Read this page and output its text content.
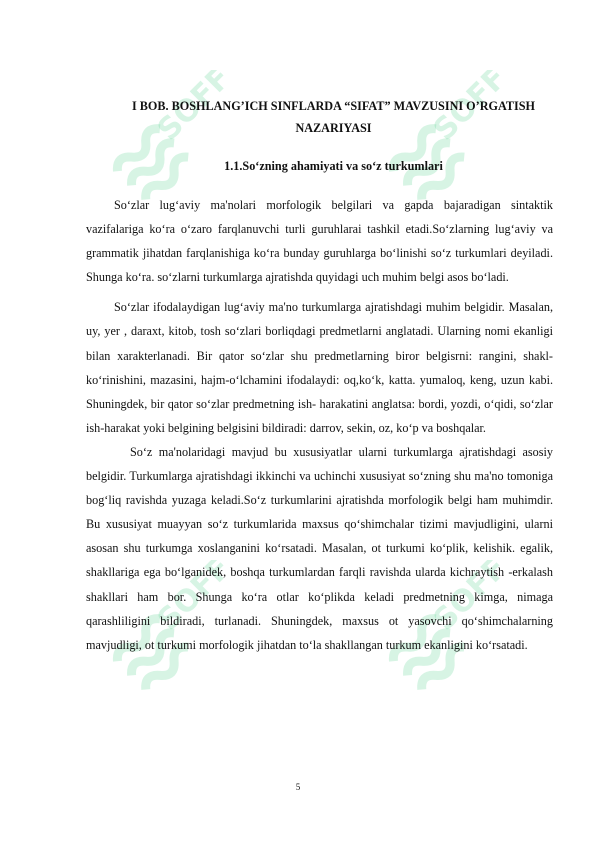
SOFF	SOFF
SOFF	SOFF
I BOB. BOSHLANG’ICH SINFLARDA “SIFAT” MAVZUSINI O’RGATISH NAZARIYASI
1.1.So‘zning ahamiyati va so‘z turkumlari

So‘zlar lug‘aviy ma'nolari morfologik belgilari va gapda bajaradigan sintaktik vazifalariga ko‘ra o‘zaro farqlanuvchi turli guruhlarai tashkil etadi.So‘zlarning lug‘aviy va grammatik jihatdan farqlanishiga ko‘ra bunday guruhlarga bo‘linishi so‘z turkumlari deyiladi. Shunga ko‘ra. so‘zlarni turkumlarga ajratishda quyidagi uch muhim belgi asos bo‘ladi.

So‘zlar ifodalaydigan lug‘aviy ma'no turkumlarga ajratishdagi muhim belgidir. Masalan, uy, yer , daraxt, kitob, tosh so‘zlari borliqdagi predmetlarni anglatadi. Ularning nomi ekanligi bilan xarakterlanadi. Bir qator so‘zlar shu predmetlarning biror belgisrni: rangini, shakl-ko‘rinishini, mazasini, hajm-o‘lchamini ifodalaydi: oq,ko‘k, katta. yumaloq, keng, uzun kabi. Shuningdek, bir qator so‘zlar predmetning ish- harakatini anglatsa: bordi, yozdi, o‘qidi, so‘zlar ish-harakat yoki belgining belgisini bildiradi: darrov, sekin, oz, ko‘p va boshqalar.

So‘z ma'nolaridagi mavjud bu xususiyatlar ularni turkumlarga ajratishdagi asosiy belgidir. Turkumlarga ajratishdagi ikkinchi va uchinchi xususiyat so‘zning shu ma'no tomoniga bog‘liq ravishda yuzaga keladi.So‘z turkumlarini ajratishda morfologik belgi ham muhimdir. Bu xususiyat muayyan so‘z turkumlarida maxsus qo‘shimchalar tizimi mavjudligini, ularni asosan shu turkumga xoslanganini ko‘rsatadi. Masalan, ot turkumi ko‘plik, kelishik. egalik, shakllariga ega bo‘lganidek, boshqa turkumlardan farqli ravishda ularda kichraytish -erkalash shakllari ham bor. Shunga ko‘ra otlar ko‘plikda keladi predmetning kimga, nimaga qarashliligini bildiradi, turlanadi. Shuningdek, maxsus ot yasovchi qo‘shimchalarning mavjudligi, ot turkumi morfologik jihatdan to‘la shakllangan turkum ekanligini ko‘rsatadi.

5
